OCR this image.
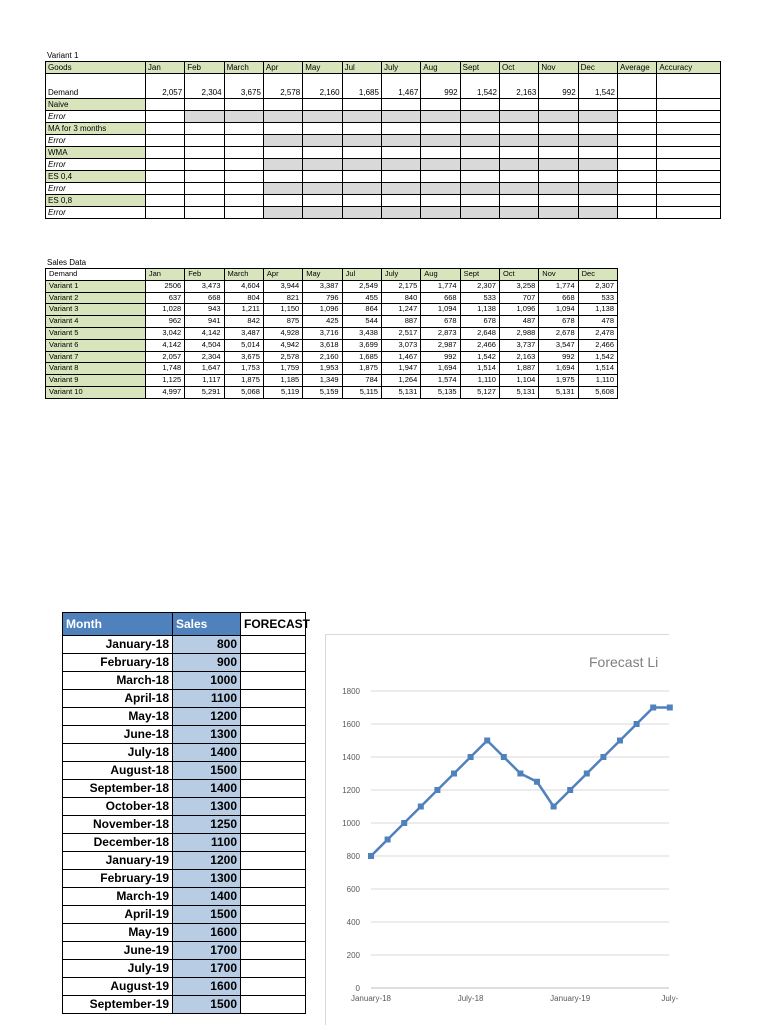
Variant 1
Goods	Jan	Feb	March	Apr	May	Jul	July	Aug	Sept	Oct	Nov	Dec	Average	Accuracy
Demand	2,057	2,304	3,675	2,578	2,160	1,685	1,467	992	1,542	2,163	992	1,542		
Naive														
Error														
MA for 3 months														
Error														
WMA														
Error														
ES 0,4														
Error														
ES 0,8														
Error														
Sales Data
Demand	Jan	Feb	March	Apr	May	Jul	July	Aug	Sept	Oct	Nov	Dec
Variant 1	2506	3,473	4,604	3,944	3,387	2,549	2,175	1,774	2,307	3,258	1,774	2,307
Variant 2	637	668	804	821	796	455	840	668	533	707	668	533
Variant 3	1,028	943	1,211	1,150	1,096	864	1,247	1,094	1,138	1,096	1,094	1,138
Variant 4	962	941	842	875	425	544	887	678	678	487	678	478
Variant 5	3,042	4,142	3,487	4,928	3,716	3,438	2,517	2,873	2,648	2,988	2,678	2,478
Variant 6	4,142	4,504	5,014	4,942	3,618	3,699	3,073	2,987	2,466	3,737	3,547	2,466
Variant 7	2,057	2,304	3,675	2,578	2,160	1,685	1,467	992	1,542	2,163	992	1,542
Variant 8	1,748	1,647	1,753	1,759	1,953	1,875	1,947	1,694	1,514	1,887	1,694	1,514
Variant 9	1,125	1,117	1,875	1,185	1,349	784	1,264	1,574	1,110	1,104	1,975	1,110
Variant 10	4,997	5,291	5,068	5,119	5,159	5,115	5,131	5,135	5,127	5,131	5,131	5,608
Month	Sales	FORECAST
January-18	800	
February-18	900	
March-18	1000	
April-18	1100	
May-18	1200	
June-18	1300	
July-18	1400	
August-18	1500	
September-18	1400	
October-18	1300	
November-18	1250	
December-18	1100	
January-19	1200	
February-19	1300	
March-19	1400	
April-19	1500	
May-19	1600	
June-19	1700	
July-19	1700	
August-19	1600	
September-19	1500	
Forecast Li
0
200
400
600
800
1000
1200
1400
1600
1800
January-18	July-18	January-19	July-
